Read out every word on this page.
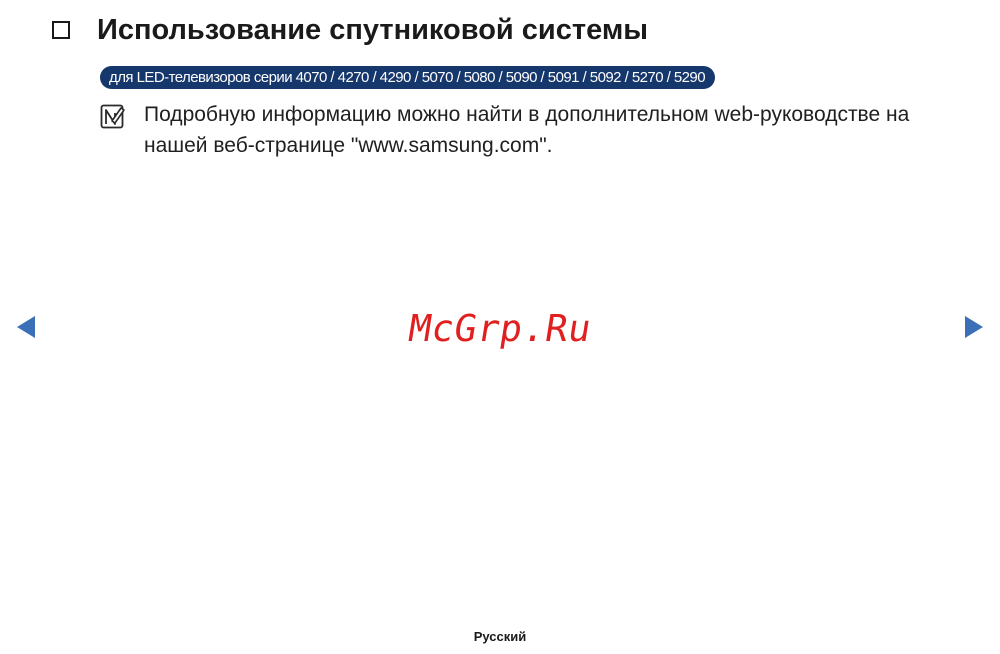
Использование спутниковой системы
для LED-телевизоров серии 4070 / 4270 / 4290 / 5070 / 5080 / 5090 / 5091 / 5092 / 5270 / 5290
Подробную информацию можно найти в дополнительном web-руководстве на нашей веб-странице "www.samsung.com".
McGrp.Ru
Русский
